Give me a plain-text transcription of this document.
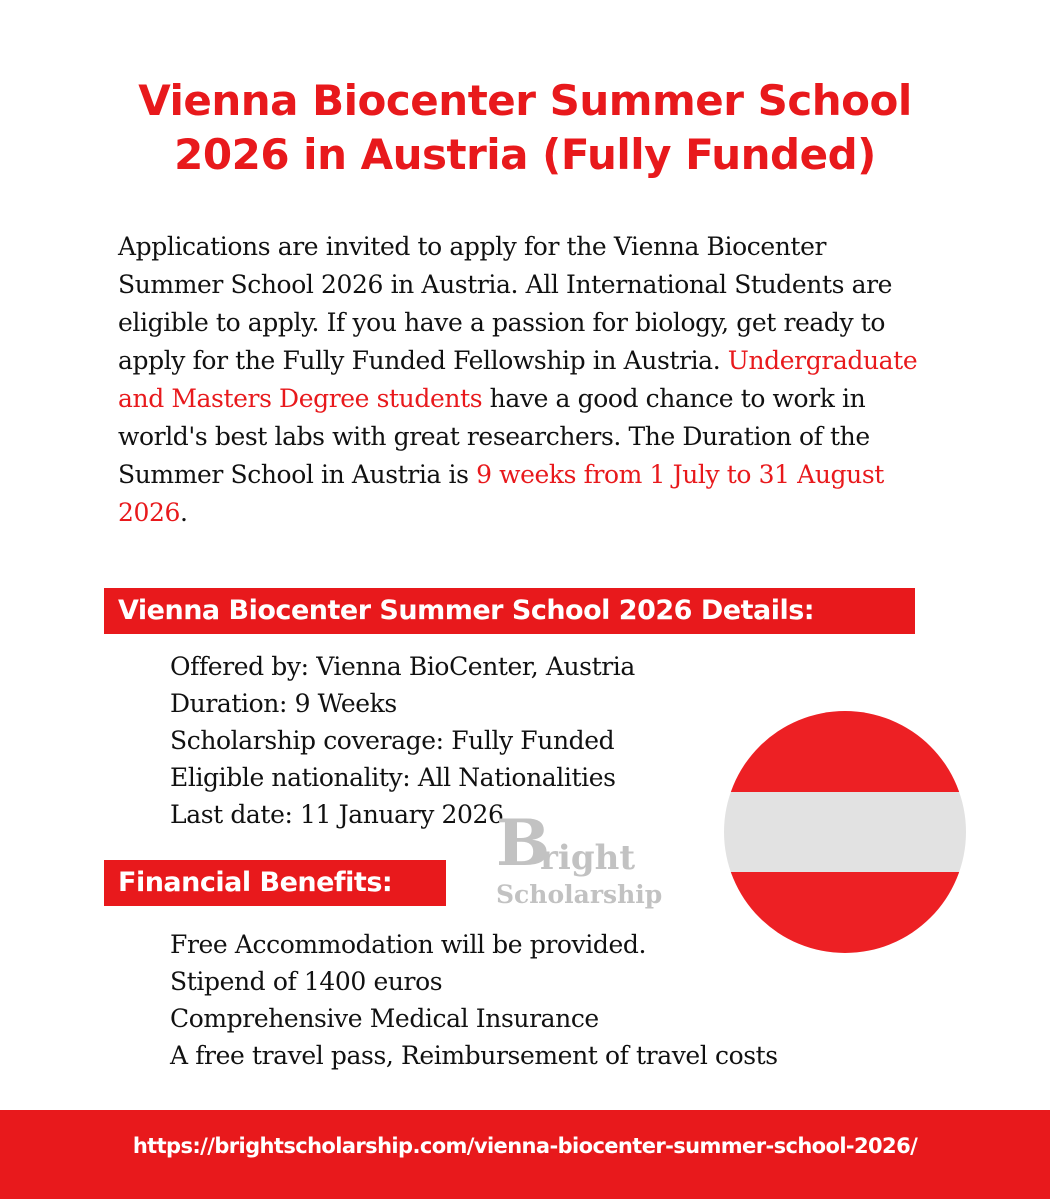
Vienna Biocenter Summer School
2026 in Austria (Fully Funded)

Applications are invited to apply for the Vienna Biocenter Summer School 2026 in Austria. All International Students are eligible to apply. If you have a passion for biology, get ready to apply for the Fully Funded Fellowship in Austria. Undergraduate and Masters Degree students have a good chance to work in world's best labs with great researchers. The Duration of the Summer School in Austria is 9 weeks from 1 July to 31 August 2026.

Vienna Biocenter Summer School 2026 Details:
Offered by: Vienna BioCenter, Austria
Duration: 9 Weeks
Scholarship coverage: Fully Funded
Eligible nationality: All Nationalities
Last date: 11 January 2026
B
right
Scholarship
Financial Benefits:
Free Accommodation will be provided.
Stipend of 1400 euros
Comprehensive Medical Insurance
A free travel pass, Reimbursement of travel costs
https://brightscholarship.com/vienna-biocenter-summer-school-2026/
